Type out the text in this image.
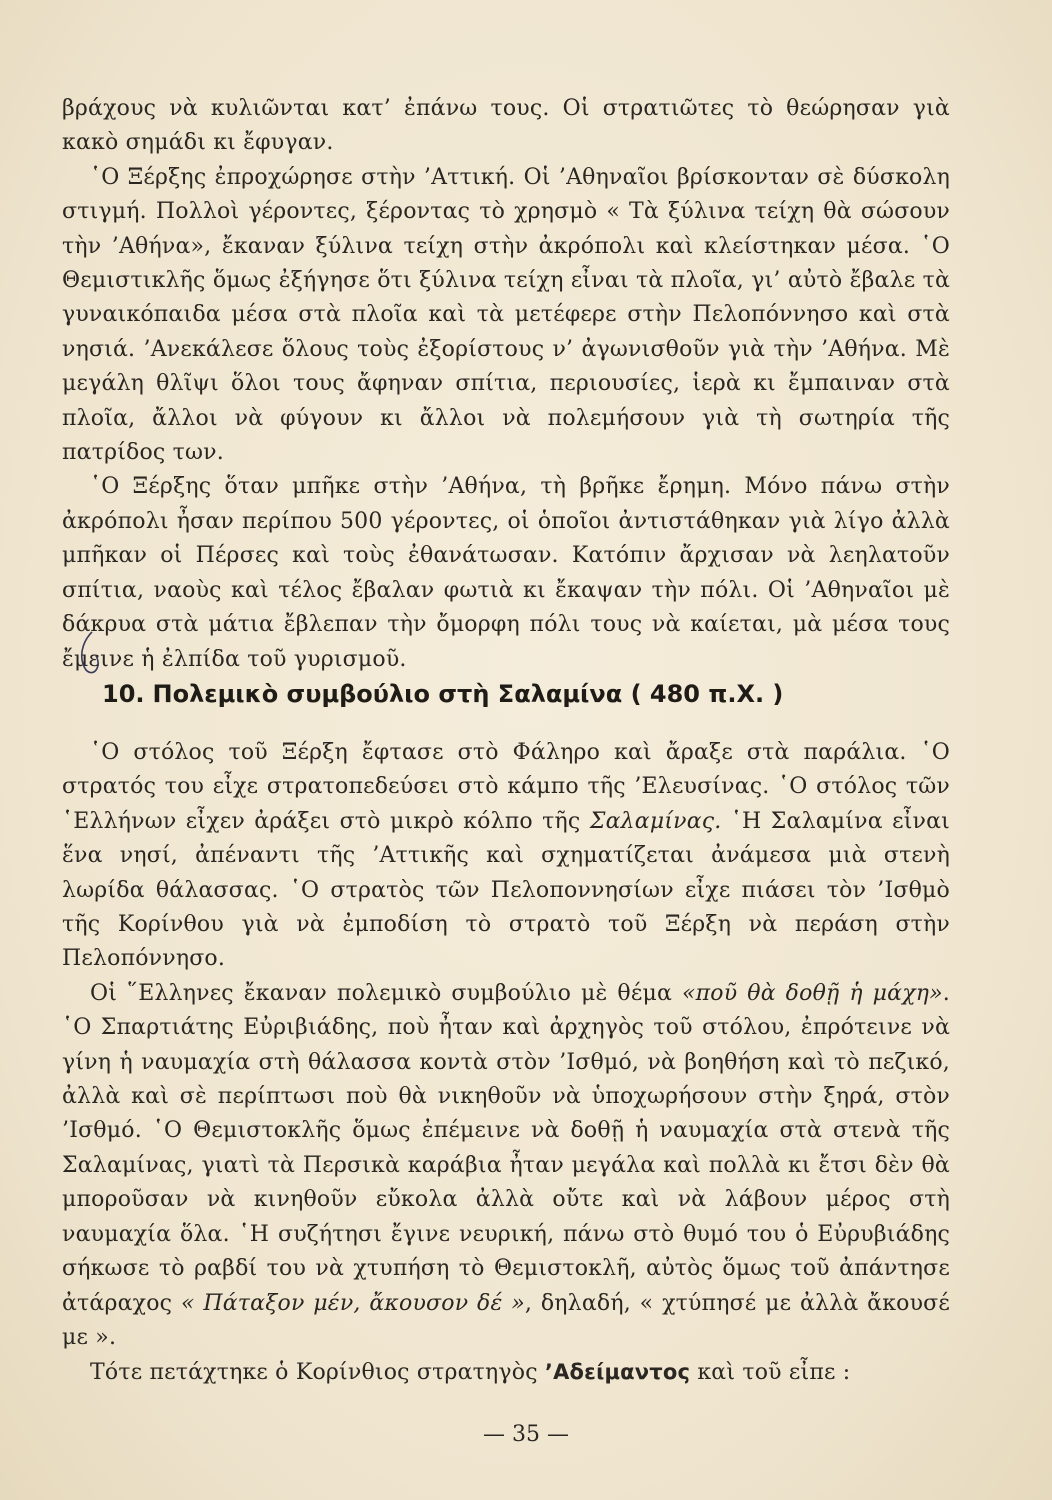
βράχους νὰ κυλιῶνται κατ’ ἐπάνω τους. Οἱ στρατιῶτες τὸ θεώρησαν γιὰ κακὸ σημάδι κι ἔφυγαν.

῾Ο Ξέρξης ἐπροχώρησε στὴν ’Αττική. Οἱ ’Αθηναῖοι βρίσκονταν σὲ δύσκολη στιγμή. Πολλοὶ γέροντες, ξέροντας τὸ χρησμὸ « Τὰ ξύλινα τείχη θὰ σώσουν τὴν ’Αθήνα», ἔκαναν ξύλινα τείχη στὴν ἀκρόπολι καὶ κλείστηκαν μέσα. ῾Ο Θεμιστικλῆς ὅμως ἐξήγησε ὅτι ξύλινα τείχη εἶναι τὰ πλοῖα, γι’ αὐτὸ ἔβαλε τὰ γυναικόπαιδα μέσα στὰ πλοῖα καὶ τὰ μετέφερε στὴν Πελοπόννησο καὶ στὰ νησιά. ’Ανεκάλεσε ὅλους τοὺς ἐξορίστους ν’ ἀγωνισθοῦν γιὰ τὴν ’Αθήνα. Μὲ μεγάλη θλῖψι ὅλοι τους ἄφηναν σπίτια, περιουσίες, ἱερὰ κι ἔμπαιναν στὰ πλοῖα, ἄλλοι νὰ φύγουν κι ἄλλοι νὰ πολεμήσουν γιὰ τὴ σωτηρία τῆς πατρίδος των.

῾Ο Ξέρξης ὅταν μπῆκε στὴν ’Αθήνα, τὴ βρῆκε ἔρημη. Μόνο πάνω στὴν ἀκρόπολι ἦσαν περίπου 500 γέροντες, οἱ ὁποῖοι ἀντιστάθηκαν γιὰ λίγο ἀλλὰ μπῆκαν οἱ Πέρσες καὶ τοὺς ἐθανάτωσαν. Κατόπιν ἄρχισαν νὰ λεηλατοῦν σπίτια, ναοὺς καὶ τέλος ἔβαλαν φωτιὰ κι ἔκαψαν τὴν πόλι. Οἱ ’Αθηναῖοι μὲ δάκρυα στὰ μάτια ἔβλεπαν τὴν ὄμορφη πόλι τους νὰ καίεται, μὰ μέσα τους ἔμεινε ἡ ἐλπίδα τοῦ γυρισμοῦ.

10. Πολεμικὸ συμβούλιο στὴ Σαλαμίνα ( 480 π.Χ. )

῾Ο στόλος τοῦ Ξέρξη ἔφτασε στὸ Φάληρο καὶ ἄραξε στὰ παράλια. ῾Ο στρατός του εἶχε στρατοπεδεύσει στὸ κάμπο τῆς ’Ελευσίνας. ῾Ο στόλος τῶν ῾Ελλήνων εἶχεν ἀράξει στὸ μικρὸ κόλπο τῆς Σαλαμίνας. ῾Η Σαλαμίνα εἶναι ἕνα νησί, ἀπέναντι τῆς ’Αττικῆς καὶ σχηματίζεται ἀνάμεσα μιὰ στενὴ λωρίδα θάλασσας. ῾Ο στρατὸς τῶν Πελοποννησίων εἶχε πιάσει τὸν ’Ισθμὸ τῆς Κορίνθου γιὰ νὰ ἐμποδίση τὸ στρατὸ τοῦ Ξέρξη νὰ περάση στὴν Πελοπόννησο.

Οἱ ῞Ελληνες ἔκαναν πολεμικὸ συμβούλιο μὲ θέμα «ποῦ θὰ δοθῇ ἡ μάχη». ῾Ο Σπαρτιάτης Εὐριβιάδης, ποὺ ἦταν καὶ ἀρχηγὸς τοῦ στόλου, ἐπρότεινε νὰ γίνη ἡ ναυμαχία στὴ θάλασσα κοντὰ στὸν ’Ισθμό, νὰ βοηθήση καὶ τὸ πεζικό, ἀλλὰ καὶ σὲ περίπτωσι ποὺ θὰ νικηθοῦν νὰ ὑποχωρήσουν στὴν ξηρά, στὸν ’Ισθμό. ῾Ο Θεμιστοκλῆς ὅμως ἐπέμεινε νὰ δοθῇ ἡ ναυμαχία στὰ στενὰ τῆς Σαλαμίνας, γιατὶ τὰ Περσικὰ καράβια ἦταν μεγάλα καὶ πολλὰ κι ἔτσι δὲν θὰ μποροῦσαν νὰ κινηθοῦν εὔκολα ἀλλὰ οὔτε καὶ νὰ λάβουν μέρος στὴ ναυμαχία ὅλα. ῾Η συζήτησι ἔγινε νευρική, πάνω στὸ θυμό του ὁ Εὐρυβιάδης σήκωσε τὸ ραβδί του νὰ χτυπήση τὸ Θεμιστοκλῆ, αὐτὸς ὅμως τοῦ ἀπάντησε ἀτάραχος « Πάταξον μέν, ἄκουσον δέ », δηλαδή, « χτύπησέ με ἀλλὰ ἄκουσέ με ».

Τότε πετάχτηκε ὁ Κορίνθιος στρατηγὸς ’Αδείμαντος καὶ τοῦ εἶπε :

— 35 —
